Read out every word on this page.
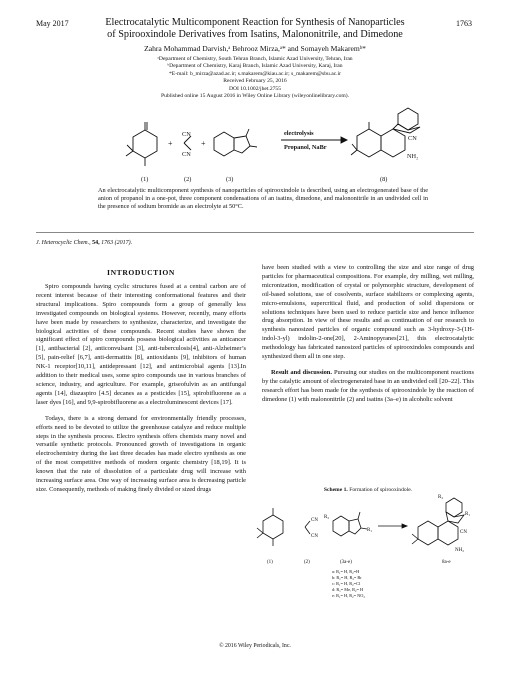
May 2017	1763
Electrocatalytic Multicomponent Reaction for Synthesis of Nanoparticles
of Spirooxindole Derivatives from Isatins, Malononitrile, and Dimedone
Zahra Mohammad Darvish,ᵃ Behrooz Mirza,ᵃ* and Somayeh Makaremᵇ*
ᵃDepartment of Chemistry, South Tehran Branch, Islamic Azad University, Tehran, Iran
ᵇDepartment of Chemistry, Karaj Branch, Islamic Azad University, Karaj, Iran
*E-mail: b_mirza@azad.ac.ir; s.makarem@kiau.ac.ir; s_makarem@sbu.ac.ir
Received February 25, 2016
DOI 10.1002/jhet.2755
Published online 15 August 2016 in Wiley Online Library (wileyonlinelibrary.com).
CN
CN
+	+
electrolysis
Propanol, NaBr
CN
NH₂
(1)	(2)	(3)	(8)
An electrocatalytic multicomponent synthesis of nanoparticles of spirooxindole is described, using an electrogenerated base of the anion of propanol in a one-pot, three component condensations of an isatins, dimedone, and malononitrile in an undivided cell in the presence of sodium bromide as an electrolyte at 50°C.
J. Heterocyclic Chem., 54, 1763 (2017).
INTRODUCTION

Spiro compounds having cyclic structures fused at a central carbon are of recent interest because of their interesting conformational features and their structural implications. Spiro compounds form a group of generally less investigated compounds on biological systems. However, recently, many efforts have been made by researchers to synthesize, characterize, and investigate the biological activities of these compounds. Recent studies have shown the significant effect of spiro compounds possess biological activities as anticancer [1], antibacterial [2], anticonvulsant [3], anti-tuberculosis[4], anti-Alzheimer’s [5], pain-relief [6,7], anti-dermatitis [8], antioxidants [9], inhibitors of human NK-1 receptor[10,11], antidepressant [12], and antimicrobial agents [13].In addition to their medical uses, some spiro compounds use in various branches of science, industry, and agriculture. For example, griseofulvin as an antifungal agents [14], diazaspiro [4.5] decanes as a pesticides [15], spirobifluorene as a laser dyes [16], and 9,9-spirobifluorene as a electroluminescent devices [17].

Todays, there is a strong demand for environmentally friendly processes, efforts need to be devoted to utilize the greenhouse catalyze and reduce multiple steps in the synthesis process. Electro synthesis offers chemists many novel and versatile synthetic protocols. Pronounced growth of investigations in organic electrochemistry during the last three decades has made electro synthesis as one of the most competitive methods of modern organic chemistry [18,19]. It is known that the rate of dissolution of a particulate drug will increase with increasing surface area. One way of increasing surface area is decreasing particle size. Consequently, methods of making finely divided or sized drugs

have been studied with a view to controlling the size and size range of drug particles for pharmaceutical compositions. For example, dry milling, wet milling, micronization, modification of crystal or polymorphic structure, development of oil-based solutions, use of cosolvents, surface stabilizers or complexing agents, micro-emulsions, supercritical fluid, and production of solid dispersions or solutions techniques have been used to reduce particle size and hence influence drug absorption. In view of these results and as continuation of our research to synthesis nanosized particles of organic compound such as 3-hydroxy-3-(1H-indol-3-yl) indolin-2-one[20], 2-Aminopyranes[21], this electrocatalytic methodology has fabricated nanosized particles of spirooxindoles compounds and synthesized them all in one step.

Result and discussion. Pursuing our studies on the multicomponent reactions by the catalytic amount of electrogenerated base in an undivided cell [20–22]. This research effort has been made for the synthesis of spirooxindole by the reaction of dimedone (1) with malononitrile (2) and isatins (3a–e) in alcoholic solvent

Scheme 1. Formation of spirooxindole.
CN
CN
R₂
R₁
R₁
CN
NH₂
R₂
(1)	(2)	(3a-e)	8a-e
a: R₁= H, R₂=H
b: R₁= H, R₂= Br
c: R₁= H, R₂=Cl
d: R₁= Me, R₂= H
e: R₁= H, R₂= NO₂
© 2016 Wiley Periodicals, Inc.
